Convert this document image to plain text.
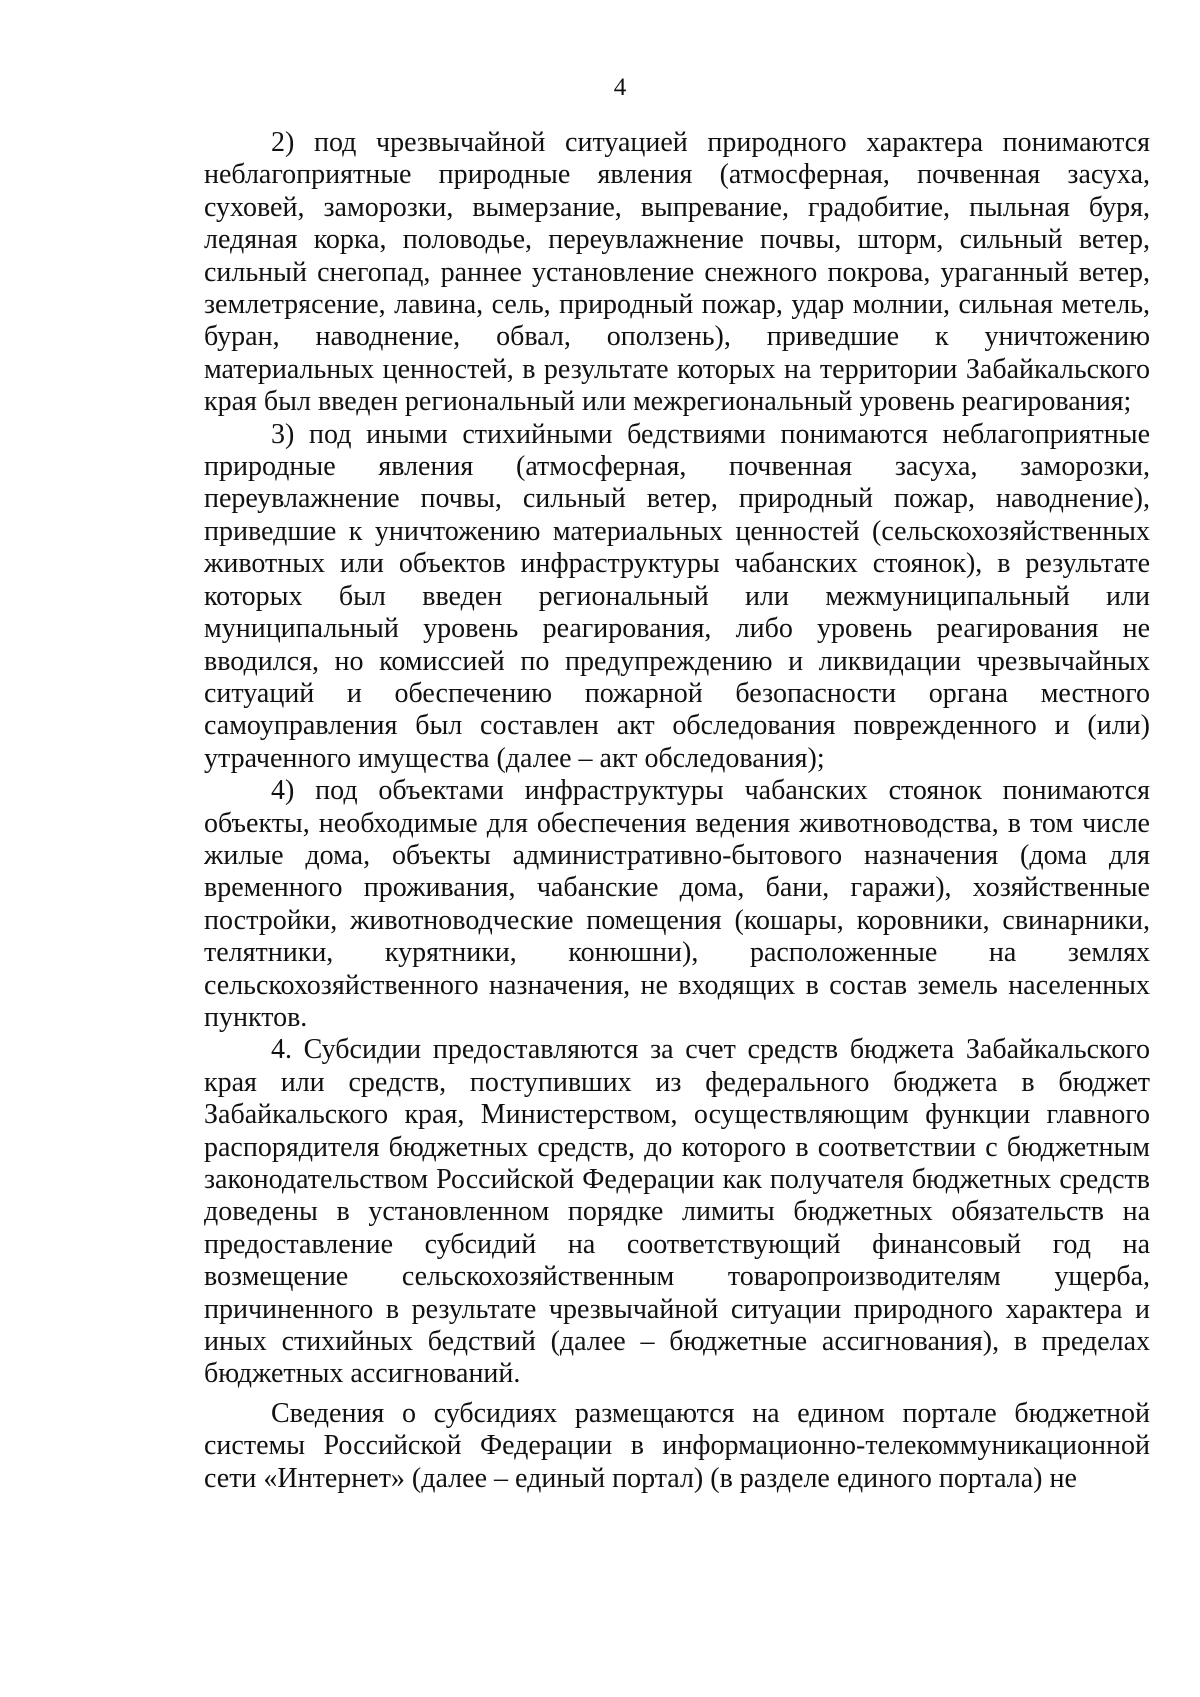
4

2) под чрезвычайной ситуацией природного характера понимаются неблагоприятные природные явления (атмосферная, почвенная засуха, суховей, заморозки, вымерзание, выпревание, градобитие, пыльная буря, ледяная корка, половодье, переувлажнение почвы, шторм, сильный ветер, сильный снегопад, раннее установление снежного покрова, ураганный ветер, землетрясение, лавина, сель, природный пожар, удар молнии, сильная метель, буран, наводнение, обвал, оползень), приведшие к уничтожению материальных ценностей, в результате которых на территории Забайкальского края был введен региональный или межрегиональный уровень реагирования;

3) под иными стихийными бедствиями понимаются неблагоприятные природные явления (атмосферная, почвенная засуха, заморозки, переувлажнение почвы, сильный ветер, природный пожар, наводнение), приведшие к уничтожению материальных ценностей (сельскохозяйственных животных или объектов инфраструктуры чабанских стоянок), в результате которых был введен региональный или межмуниципальный или муниципальный уровень реагирования, либо уровень реагирования не вводился, но комиссией по предупреждению и ликвидации чрезвычайных ситуаций и обеспечению пожарной безопасности органа местного самоуправления был составлен акт обследования поврежденного и (или) утраченного имущества (далее – акт обследования);

4) под объектами инфраструктуры чабанских стоянок понимаются объекты, необходимые для обеспечения ведения животноводства, в том числе жилые дома, объекты административно-бытового назначения (дома для временного проживания, чабанские дома, бани, гаражи), хозяйственные постройки, животноводческие помещения (кошары, коровники, свинарники, телятники, курятники, конюшни), расположенные на землях сельскохозяйственного назначения, не входящих в состав земель населенных пунктов.

4. Субсидии предоставляются за счет средств бюджета Забайкальского края или средств, поступивших из федерального бюджета в бюджет Забайкальского края, Министерством, осуществляющим функции главного распорядителя бюджетных средств, до которого в соответствии с бюджетным законодательством Российской Федерации как получателя бюджетных средств доведены в установленном порядке лимиты бюджетных обязательств на предоставление субсидий на соответствующий финансовый год на возмещение сельскохозяйственным товаропроизводителям ущерба, причиненного в результате чрезвычайной ситуации природного характера и иных стихийных бедствий (далее – бюджетные ассигнования), в пределах бюджетных ассигнований.

Сведения о субсидиях размещаются на едином портале бюджетной системы Российской Федерации в информационно-телекоммуникационной сети «Интернет» (далее – единый портал) (в разделе единого портала) не
